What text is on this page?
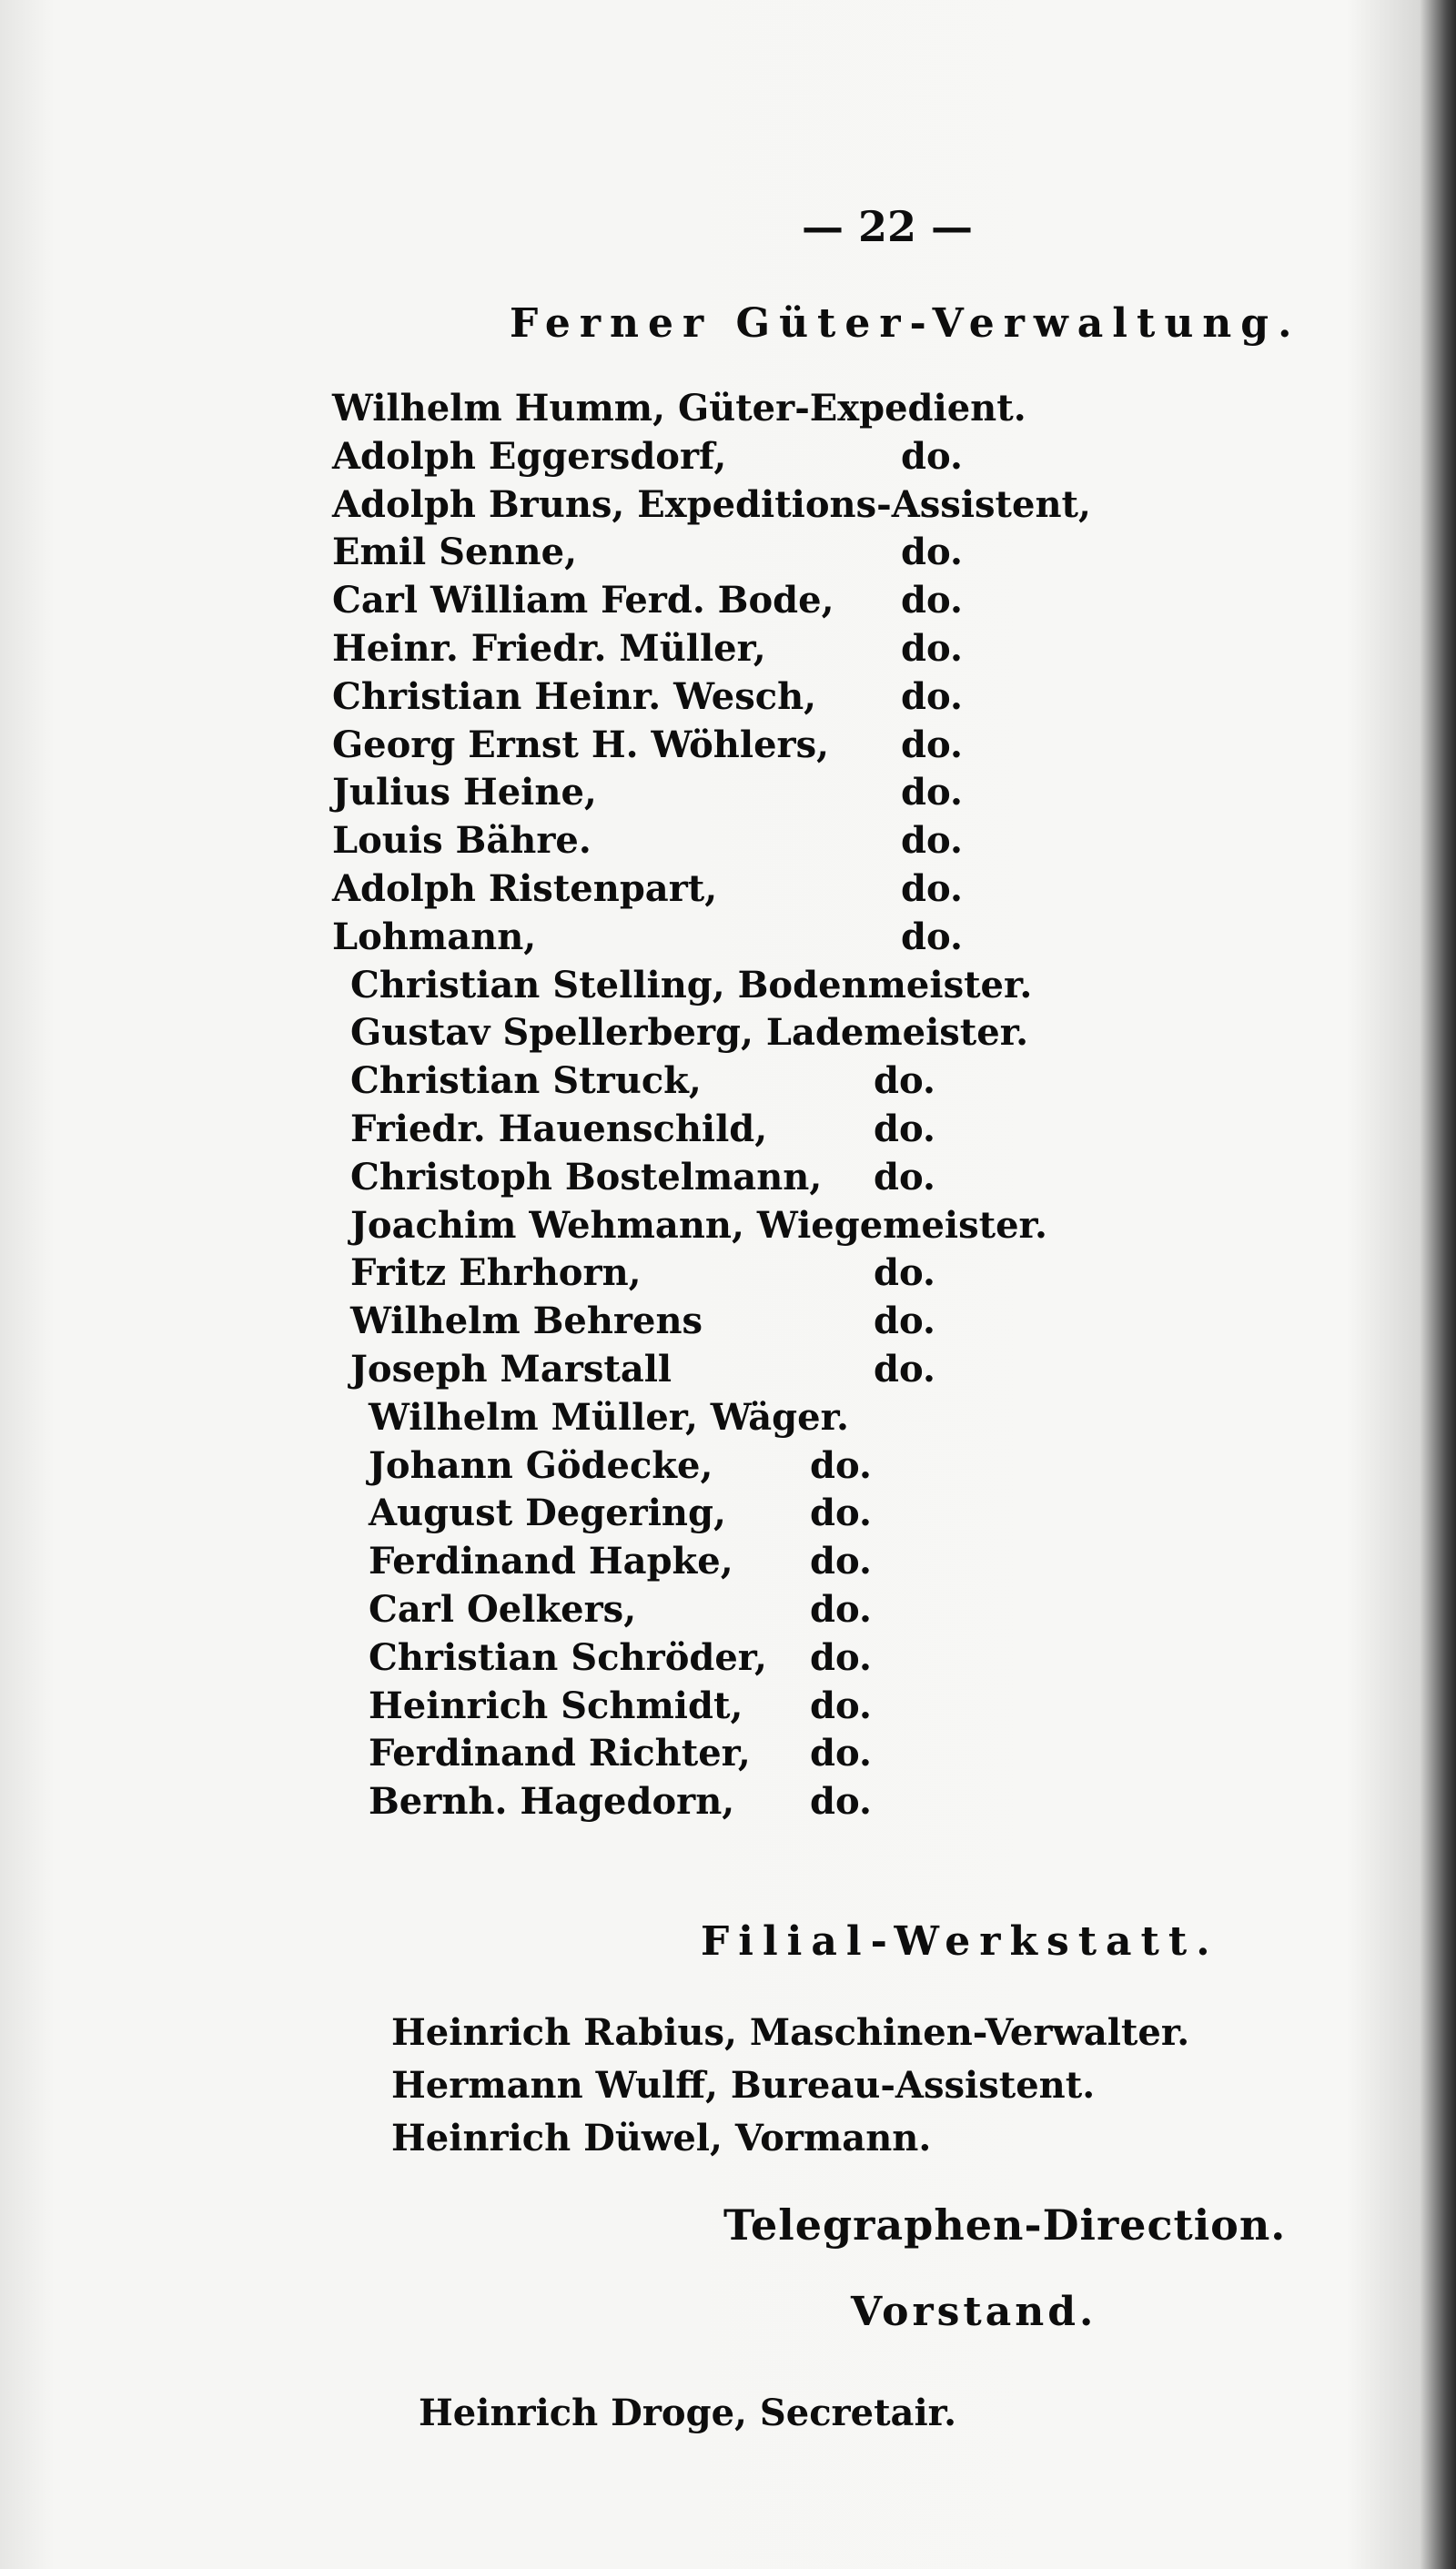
— 22 —
Ferner Güter-Verwaltung.
Wilhelm Humm, Güter-Expedient.
Adolph Eggersdorf,	do.
Adolph Bruns, Expeditions-Assistent,
Emil Senne,	do.
Carl William Ferd. Bode, do.
Heinr. Friedr. Müller,	do.
Christian Heinr. Wesch, do.
Georg Ernst H. Wöhlers, do.
Julius Heine,	do.
Louis Bähre.	do.
Adolph Ristenpart,	do.
Lohmann,	do.
Christian Stelling, Bodenmeister.
Gustav Spellerberg, Lademeister.
Christian Struck,	do.
Friedr. Hauenschild,	do.
Christoph Bostelmann, do.
Joachim Wehmann, Wiegemeister.
Fritz Ehrhorn,	do.
Wilhelm Behrens	do.
Joseph Marstall	do.
Wilhelm Müller, Wäger.
Johann Gödecke,	do.
August Degering, do.
Ferdinand Hapke, do.
Carl Oelkers,	do.
Christian Schröder, do.
Heinrich Schmidt, do.
Ferdinand Richter, do.
Bernh. Hagedorn, do.
Filial-Werkstatt.
Heinrich Rabius, Maschinen-Verwalter.
Hermann Wulff, Bureau-Assistent.
Heinrich Düwel, Vormann.
Telegraphen-Direction.
Vorstand.
Heinrich Droge, Secretair.
